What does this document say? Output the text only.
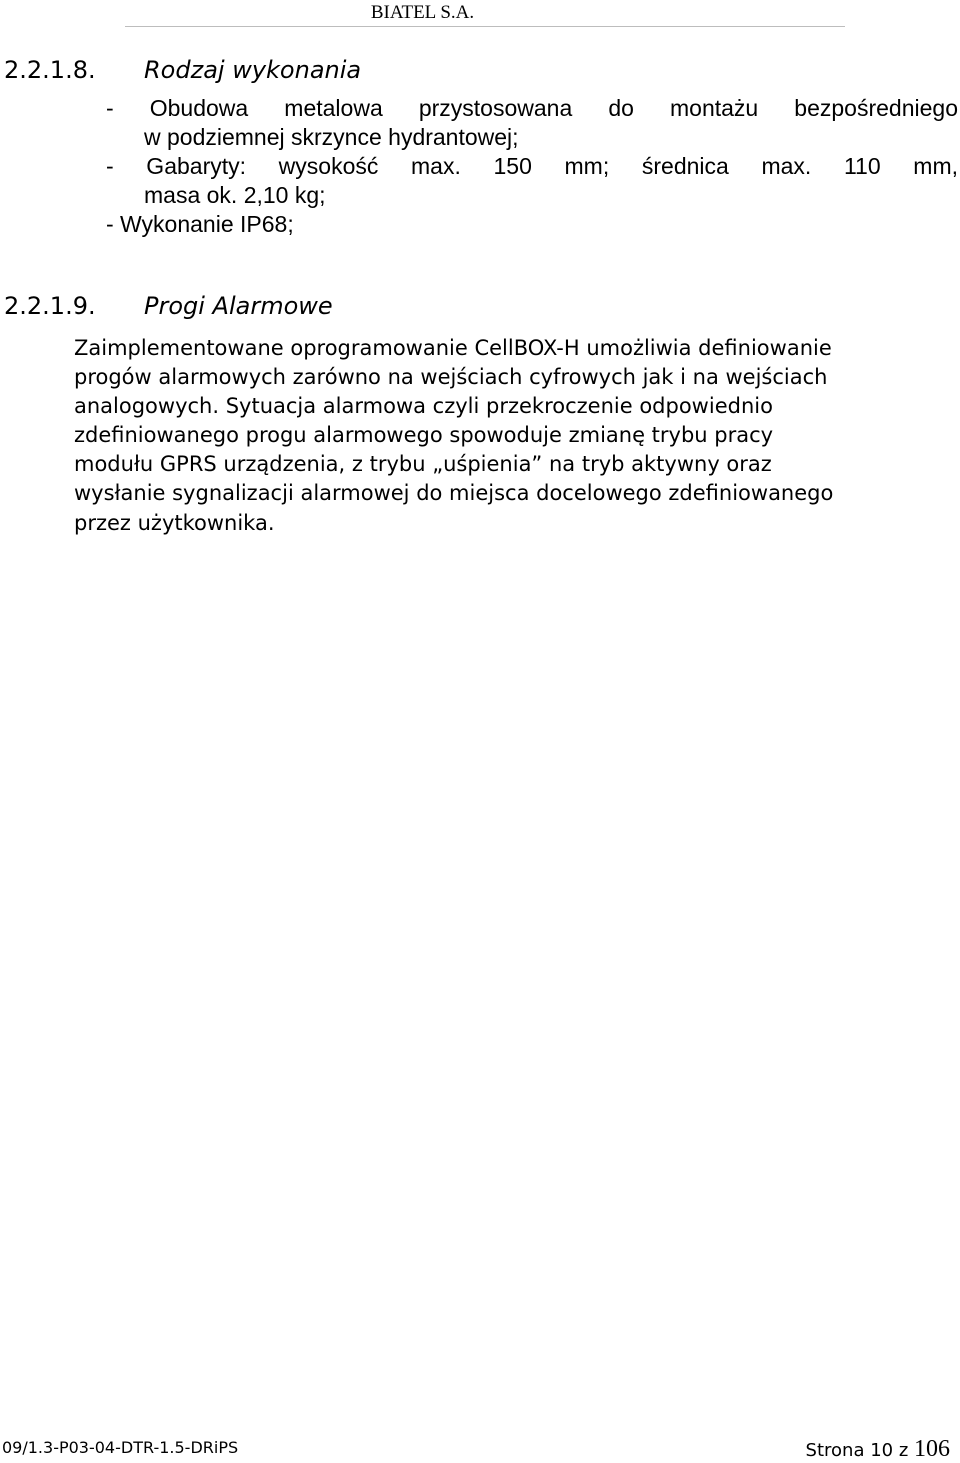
BIATEL S.A.
2.2.1.8. Rodzaj wykonania
- Obudowa metalowa przystosowana do montażu bezpośredniego
w podziemnej skrzynce hydrantowej;
- Gabaryty: wysokość max. 150 mm; średnica max. 110 mm,
masa ok. 2,10 kg;
- Wykonanie IP68;
2.2.1.9. Progi Alarmowe
Zaimplementowane oprogramowanie CellBOX-H umożliwia definiowanie
progów alarmowych zarówno na wejściach cyfrowych jak i na wejściach
analogowych. Sytuacja alarmowa czyli przekroczenie odpowiednio
zdefiniowanego progu alarmowego spowoduje zmianę trybu pracy
modułu GPRS urządzenia, z trybu „uśpienia” na tryb aktywny oraz
wysłanie sygnalizacji alarmowej do miejsca docelowego zdefiniowanego
przez użytkownika.
09/1.3-P03-04-DTR-1.5-DRiPS	Strona 10 z 106
